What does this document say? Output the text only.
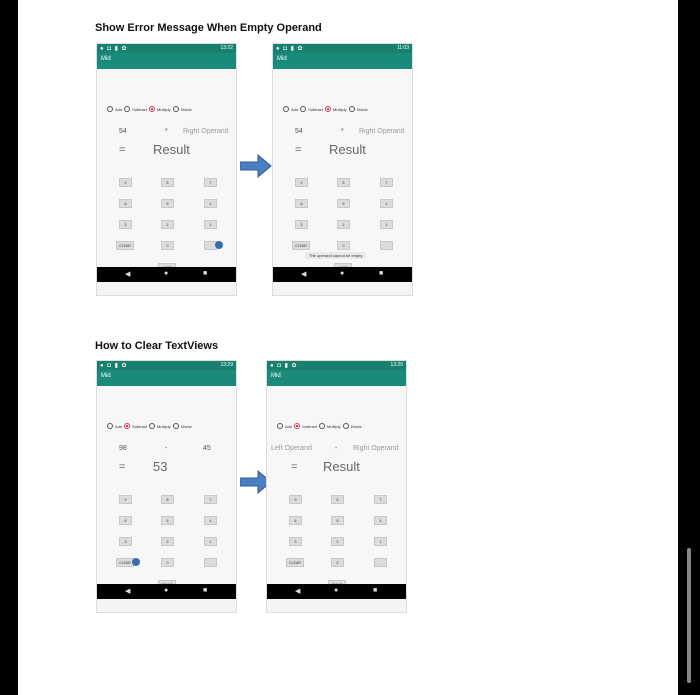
Show Error Message When Empty Operand
● ◘ ▮ ✿	13:22
Mid
Add	Subtract	Multiply	Divide
54	* Right Operand
= Result
9	8	7
6	5	4
3	2	1
CLEAR	0	.
◀	●	■
● ◘ ▮ ✿	11:03
Mid
Add	Subtract	Multiply	Divide
54	* Right Operand
= Result
9	8	7
6	5	4
3	2	1
CLEAR	0	.
The operand cannot be empty
◀	●	■
How to Clear TextViews
● ◘ ▮ ✿	13:29
Mid
Add	Subtract	Multiply	Divide
98	-	45
= 53
9	8	7
6	5	4
3	2	1
CLEAR	0	.
◀	●	■
● ◘ ▮ ✿	13:26
Mid
Add	Subtract	Multiply	Divide
Left Operand	- Right Operand
= Result
9	8	7
6	5	4
3	2	1
CLEAR	0	.
◀	●	■
